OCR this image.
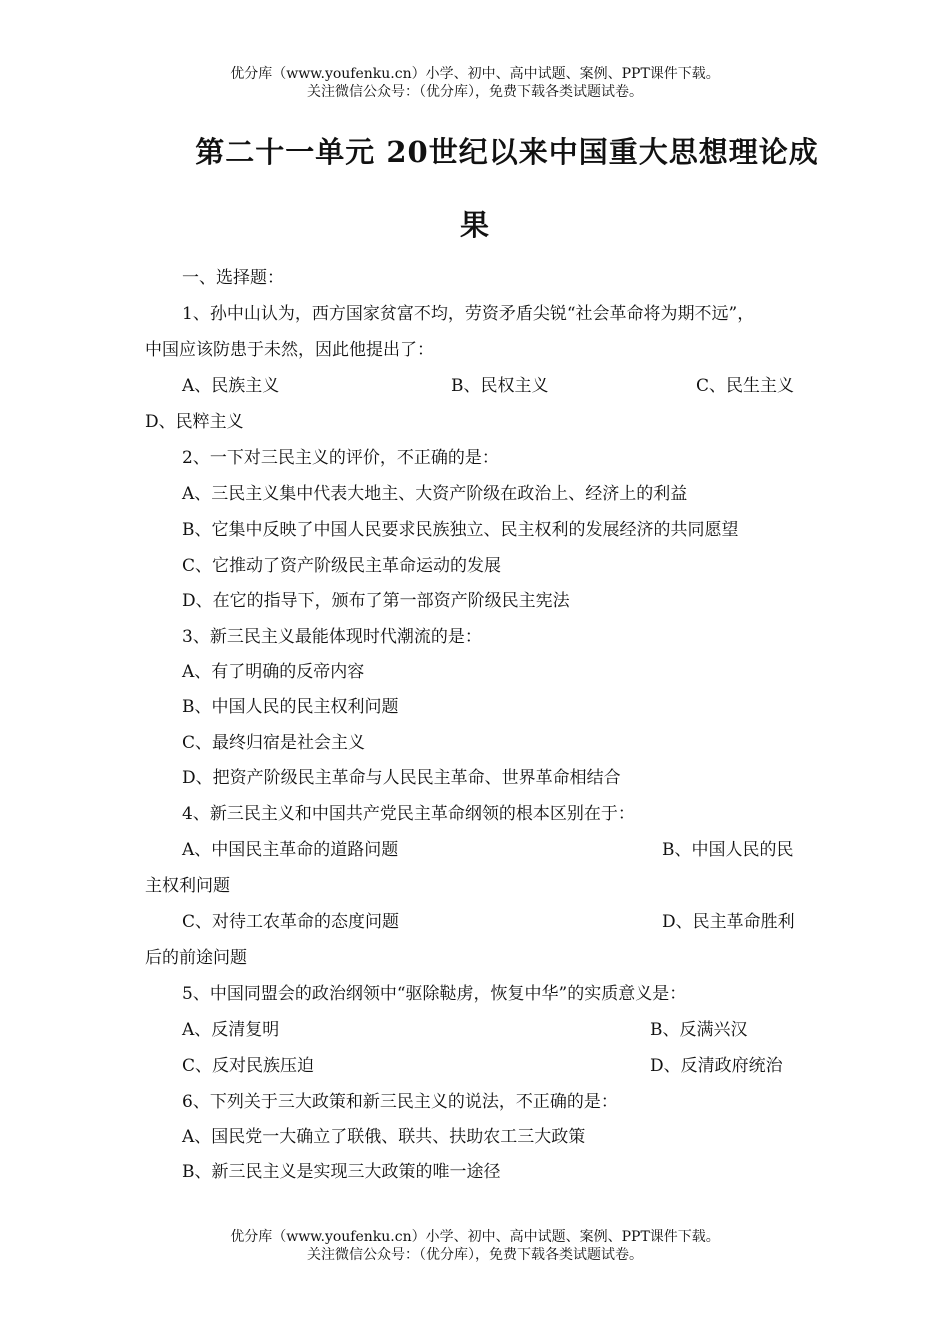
优分库（www.youfenku.cn）小学、初中、高中试题、案例、PPT课件下载。
关注微信公众号：（优分库），免费下载各类试题试卷。
第二十一单元 20世纪以来中国重大思想理论成
果
一、选择题：
1、孙中山认为，西方国家贫富不均，劳资矛盾尖锐“社会革命将为期不远”，
中国应该防患于未然，因此他提出了：
A、民族主义	B、民权主义	C、民生主义
D、民粹主义
2、一下对三民主义的评价，不正确的是：
A、三民主义集中代表大地主、大资产阶级在政治上、经济上的利益
B、它集中反映了中国人民要求民族独立、民主权利的发展经济的共同愿望
C、它推动了资产阶级民主革命运动的发展
D、在它的指导下，颁布了第一部资产阶级民主宪法
3、新三民主义最能体现时代潮流的是：
A、有了明确的反帝内容
B、中国人民的民主权利问题
C、最终归宿是社会主义
D、把资产阶级民主革命与人民民主革命、世界革命相结合
4、新三民主义和中国共产党民主革命纲领的根本区别在于：
A、中国民主革命的道路问题	B、中国人民的民
主权利问题
C、对待工农革命的态度问题	D、民主革命胜利
后的前途问题
5、中国同盟会的政治纲领中“驱除鞑虏，恢复中华”的实质意义是：
A、反清复明	B、反满兴汉
C、反对民族压迫	D、反清政府统治
6、下列关于三大政策和新三民主义的说法，不正确的是：
A、国民党一大确立了联俄、联共、扶助农工三大政策
B、新三民主义是实现三大政策的唯一途径
优分库（www.youfenku.cn）小学、初中、高中试题、案例、PPT课件下载。
关注微信公众号：（优分库），免费下载各类试题试卷。
